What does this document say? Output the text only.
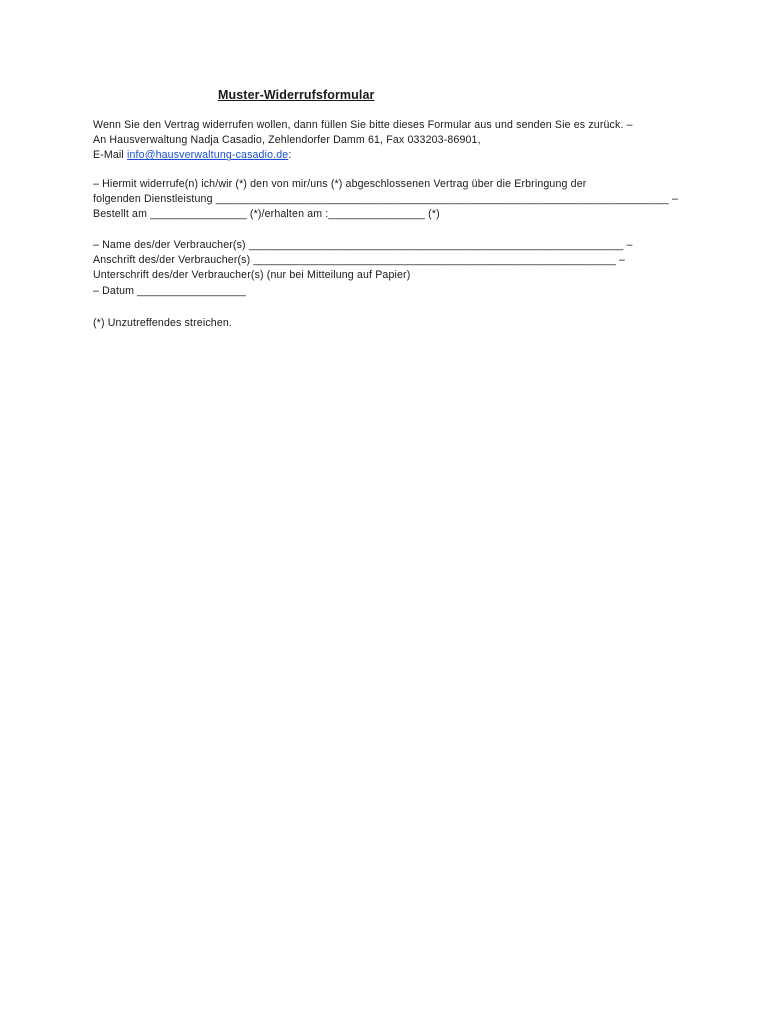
Muster-Widerrufsformular
Wenn Sie den Vertrag widerrufen wollen, dann füllen Sie bitte dieses Formular aus und senden Sie es zurück. –
An Hausverwaltung Nadja Casadio, Zehlendorfer Damm 61, Fax 033203-86901,
E-Mail info@hausverwaltung-casadio.de:
– Hiermit widerrufe(n) ich/wir (*) den von mir/uns (*) abgeschlossenen Vertrag über die Erbringung der
folgenden Dienstleistung ___________________________________________________________________________ –
Bestellt am ________________ (*)/erhalten am :________________ (*)
– Name des/der Verbraucher(s) ______________________________________________________________ –
Anschrift des/der Verbraucher(s) ____________________________________________________________ –
Unterschrift des/der Verbraucher(s) (nur bei Mitteilung auf Papier)
– Datum __________________
(*) Unzutreffendes streichen.
